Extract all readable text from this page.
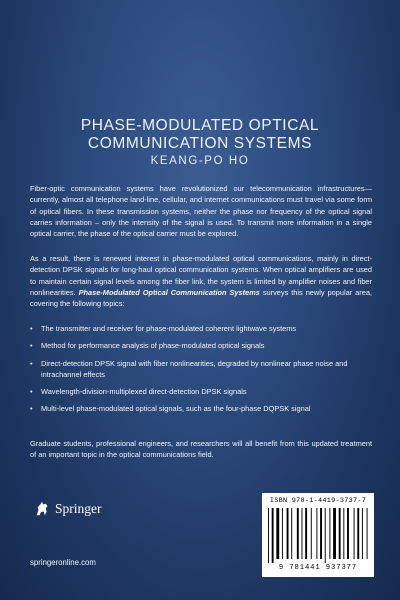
PHASE-MODULATED OPTICAL
COMMUNICATION SYSTEMS
KEANG-PO HO
Fiber-optic communication systems have revolutionized our telecommunication infrastructures—currently, almost all telephone land-line, cellular, and internet communications must travel via some form of optical fibers. In these transmission systems, neither the phase nor frequency of the optical signal carries information – only the intensity of the signal is used. To transmit more information in a single optical carrier, the phase of the optical carrier must be explored.
As a result, there is renewed interest in phase-modulated optical communications, mainly in direct-detection DPSK signals for long-haul optical communication systems. When optical amplifiers are used to maintain certain signal levels among the fiber link, the system is limited by amplifier noises and fiber nonlinearities. Phase-Modulated Optical Communication Systems surveys this newly popular area, covering the following topics:
• The transmitter and receiver for phase-modulated coherent lightwave systems
• Method for performance analysis of phase-modulated optical signals
• Direct-detection DPSK signal with fiber nonlinearities, degraded by nonlinear phase noise and intrachannel effects
• Wavelength-division-multiplexed direct-detection DPSK signals
• Multi-level phase-modulated optical signals, such as the four-phase DQPSK signal
Graduate students, professional engineers, and researchers will all benefit from this updated treatment of an important topic in the optical communications field.
Springer
springeronline.com
ISBN 978-1-4419-3737-7
9 781441 937377
